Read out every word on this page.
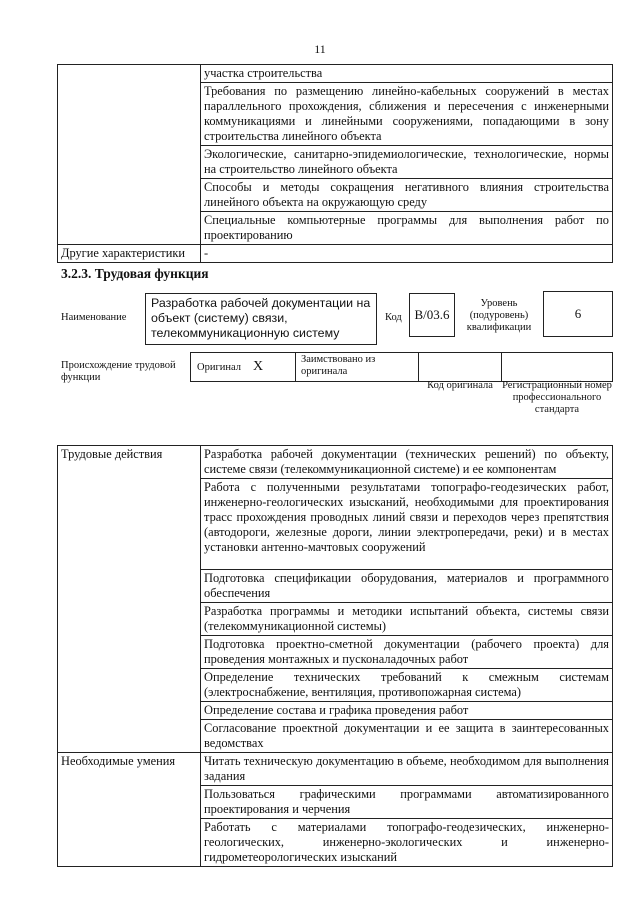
11
	участка строительства
	Требования по размещению линейно-кабельных сооружений в местах параллельного прохождения, сближения и пересечения с инженерными коммуникациями и линейными сооружениями, попадающими в зону строительства линейного объекта
	Экологические, санитарно-эпидемиологические, технологические, нормы на строительство линейного объекта
	Способы и методы сокращения негативного влияния строительства линейного объекта на окружающую среду
	Специальные компьютерные программы для выполнения работ по проектированию
Другие характеристики	-
3.2.3. Трудовая функция
Наименование
Разработка рабочей документации на объект (систему) связи, телекоммуникационную систему
Код B/03.6
Уровень (подуровень) квалификации
6
Происхождение трудовой функции
Оригинал X	Заимствовано из оригинала
Код оригинала Регистрационный номер профессионального стандарта
Трудовые действия	Разработка рабочей документации (технических решений) по объекту, системе связи (телекоммуникационной системе) и ее компонентам
	Работа с полученными результатами топографо-геодезических работ, инженерно-геологических изысканий, необходимыми для проектирования трасс прохождения проводных линий связи и переходов через препятствия (автодороги, железные дороги, линии электропередачи, реки) и в местах установки антенно-мачтовых сооружений
	Подготовка спецификации оборудования, материалов и программного обеспечения
	Разработка программы и методики испытаний объекта, системы связи (телекоммуникационной системы)
	Подготовка проектно-сметной документации (рабочего проекта) для проведения монтажных и пусконаладочных работ
	Определение технических требований к смежным системам (электроснабжение, вентиляция, противопожарная система)
	Определение состава и графика проведения работ
	Согласование проектной документации и ее защита в заинтересованных ведомствах
Необходимые умения	Читать техническую документацию в объеме, необходимом для выполнения задания
	Пользоваться графическими программами автоматизированного проектирования и черчения
	Работать с материалами топографо-геодезических, инженерно-геологических, инженерно-экологических и инженерно-гидрометеорологических изысканий
